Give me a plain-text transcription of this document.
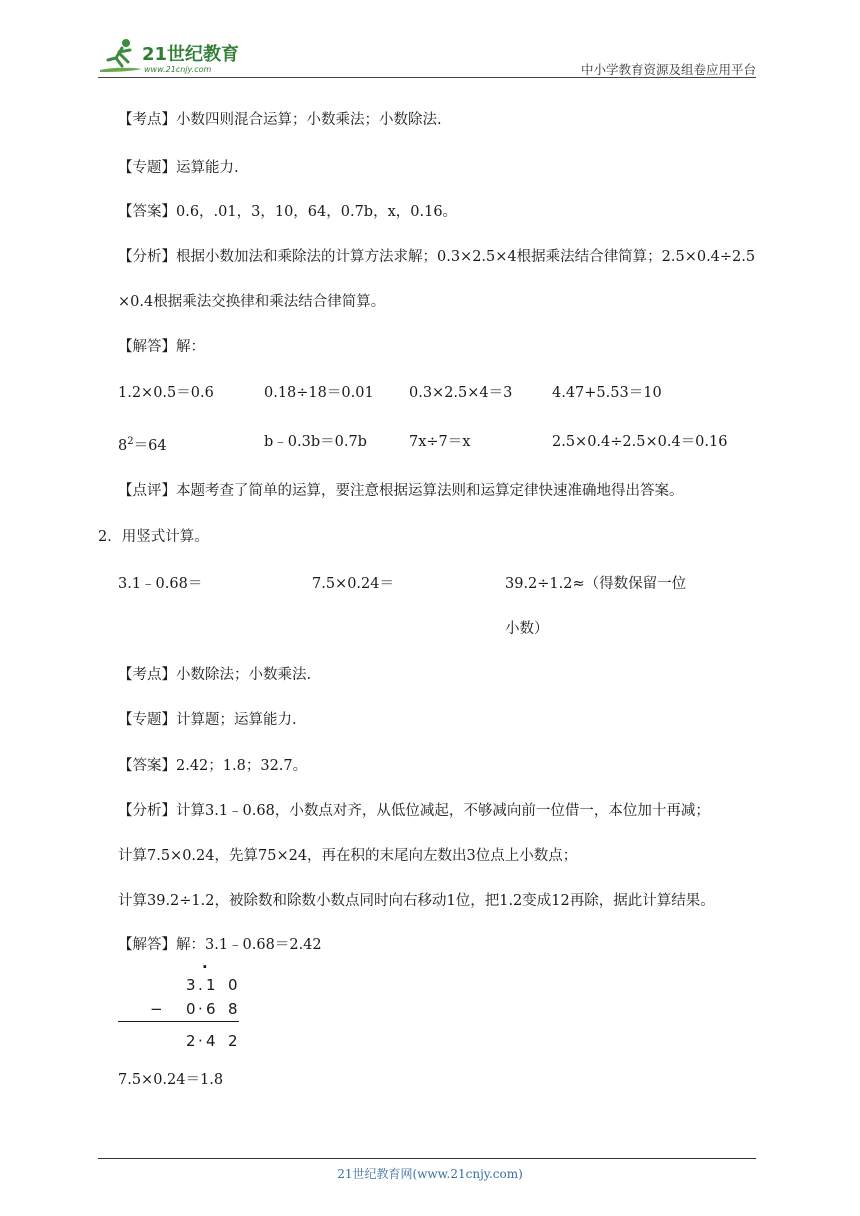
21世纪教育
www.21cnjy.com	中小学教育资源及组卷应用平台
【考点】小数四则混合运算；小数乘法；小数除法.
【专题】运算能力.
【答案】0.6，.01，3，10，64，0.7b，x，0.16。
【分析】根据小数加法和乘除法的计算方法求解；0.3×2.5×4根据乘法结合律简算；2.5×0.4÷2.5
×0.4根据乘法交换律和乘法结合律简算。
【解答】解：
1.2×0.5＝0.6	0.18÷18＝0.01 0.3×2.5×4＝3	4.47+5.53＝10
$8^2=64$	b﹣0.3b＝0.7b	7x÷7＝x	2.5×0.4÷2.5×0.4＝0.16
【点评】本题考查了简单的运算，要注意根据运算法则和运算定律快速准确地得出答案。
2．用竖式计算。
3.1﹣0.68＝	7.5×0.24＝	39.2÷1.2≈（得数保留一位
小数）
【考点】小数除法；小数乘法.
【专题】计算题；运算能力.
【答案】2.42；1.8；32.7。
【分析】计算3.1﹣0.68，小数点对齐，从低位减起，不够减向前一位借一，本位加十再减；
计算7.5×0.24，先算75×24，再在积的末尾向左数出3位点上小数点；
计算39.2÷1.2，被除数和除数小数点同时向右移动1位，把1.2变成12再除，据此计算结果。
【解答】解：3.1﹣0.68＝2.42
·
3 . 1 0
− 0 · 6 8
2 · 4 2
7.5×0.24＝1.8
21世纪教育网(www.21cnjy.com)
